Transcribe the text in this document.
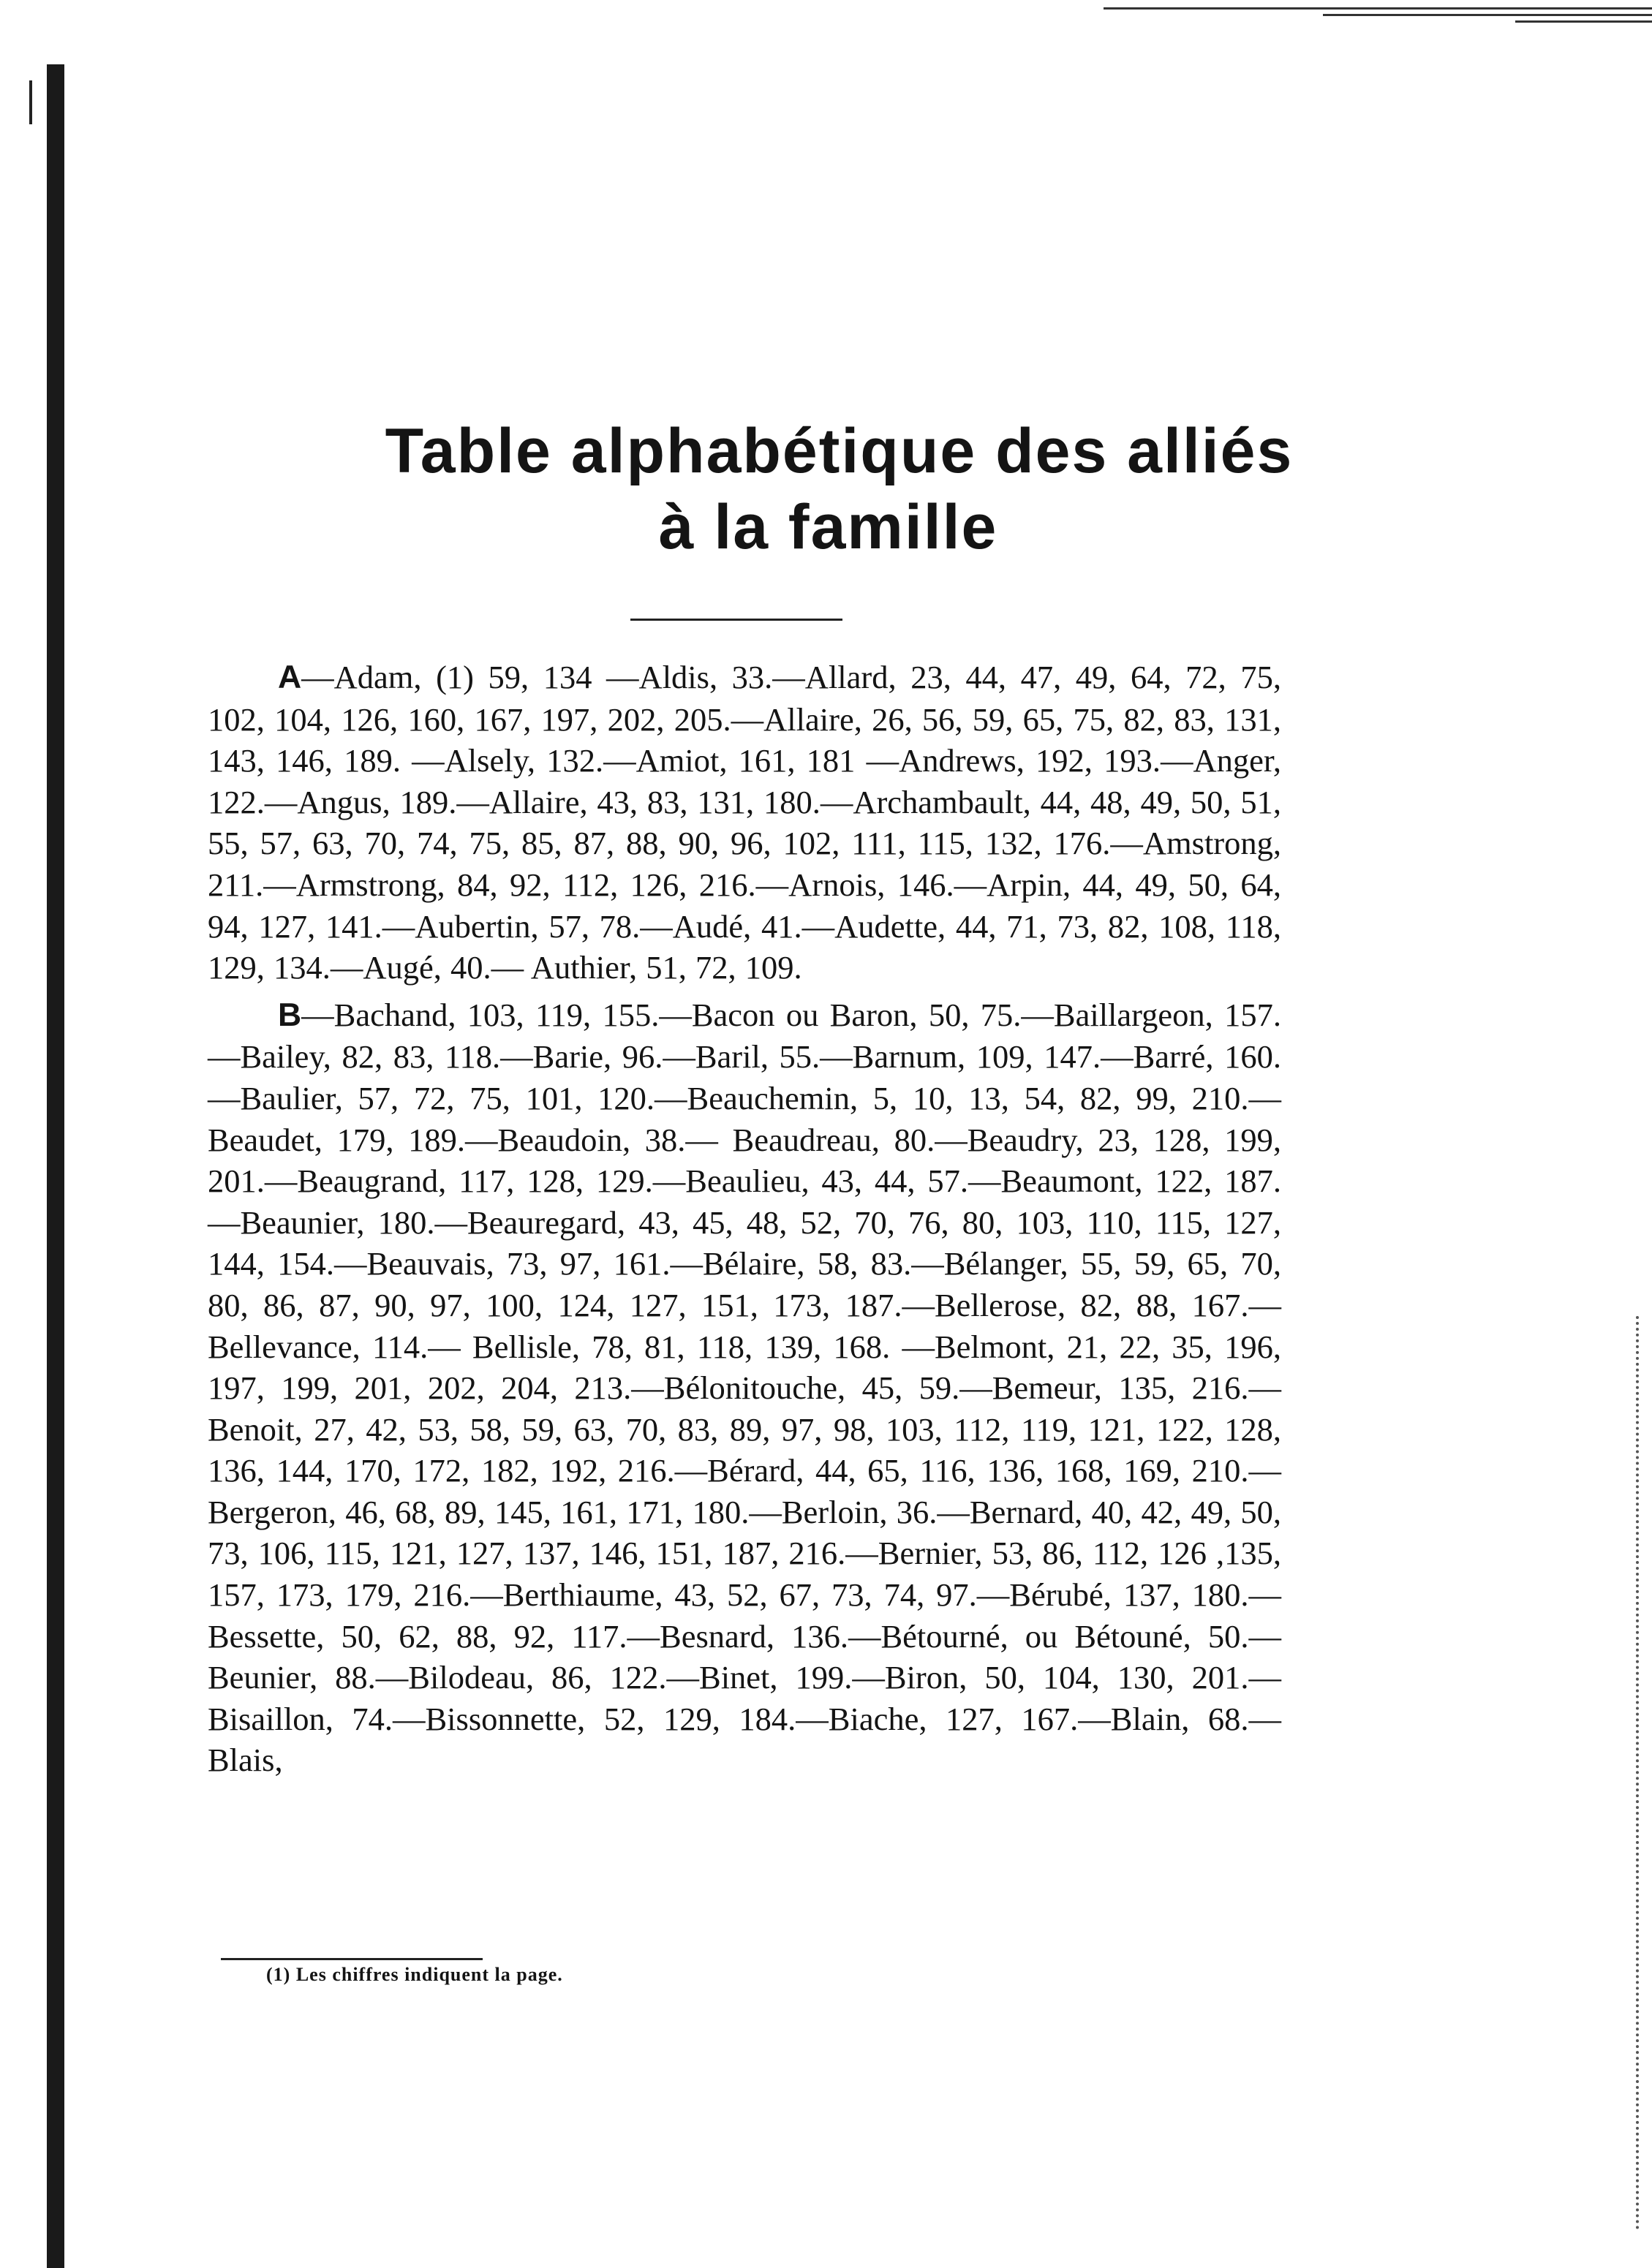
Table alphabétique des alliés
à la famille

A—Adam, (1) 59, 134 —Aldis, 33.—Allard, 23, 44, 47, 49, 64, 72, 75, 102, 104, 126, 160, 167, 197, 202, 205.—Allaire, 26, 56, 59, 65, 75, 82, 83, 131, 143, 146, 189. —Alsely, 132.—Amiot, 161, 181 —Andrews, 192, 193.—Anger, 122.—Angus, 189.—Allaire, 43, 83, 131, 180.—Archambault, 44, 48, 49, 50, 51, 55, 57, 63, 70, 74, 75, 85, 87, 88, 90, 96, 102, 111, 115, 132, 176.—Amstrong, 211.—Armstrong, 84, 92, 112, 126, 216.—Arnois, 146.—Arpin, 44, 49, 50, 64, 94, 127, 141.—Aubertin, 57, 78.—Audé, 41.—Audette, 44, 71, 73, 82, 108, 118, 129, 134.—Augé, 40.— Authier, 51, 72, 109.

B—Bachand, 103, 119, 155.—Bacon ou Baron, 50, 75.—Baillargeon, 157.—Bailey, 82, 83, 118.—Barie, 96.—Baril, 55.—Barnum, 109, 147.—Barré, 160.—Baulier, 57, 72, 75, 101, 120.—Beauchemin, 5, 10, 13, 54, 82, 99, 210.—Beaudet, 179, 189.—Beaudoin, 38.— Beaudreau, 80.—Beaudry, 23, 128, 199, 201.—Beaugrand, 117, 128, 129.—Beaulieu, 43, 44, 57.—Beaumont, 122, 187.—Beaunier, 180.—Beauregard, 43, 45, 48, 52, 70, 76, 80, 103, 110, 115, 127, 144, 154.—Beauvais, 73, 97, 161.—Bélaire, 58, 83.—Bélanger, 55, 59, 65, 70, 80, 86, 87, 90, 97, 100, 124, 127, 151, 173, 187.—Bellerose, 82, 88, 167.—Bellevance, 114.— Bellisle, 78, 81, 118, 139, 168. —Belmont, 21, 22, 35, 196, 197, 199, 201, 202, 204, 213.—Bélonitouche, 45, 59.—Bemeur, 135, 216.—Benoit, 27, 42, 53, 58, 59, 63, 70, 83, 89, 97, 98, 103, 112, 119, 121, 122, 128, 136, 144, 170, 172, 182, 192, 216.—Bérard, 44, 65, 116, 136, 168, 169, 210.—Bergeron, 46, 68, 89, 145, 161, 171, 180.—Berloin, 36.—Bernard, 40, 42, 49, 50, 73, 106, 115, 121, 127, 137, 146, 151, 187, 216.—Bernier, 53, 86, 112, 126 ,135, 157, 173, 179, 216.—Berthiaume, 43, 52, 67, 73, 74, 97.—Bérubé, 137, 180.—Bessette, 50, 62, 88, 92, 117.—Besnard, 136.—Bétourné, ou Bétouné, 50.—Beunier, 88.—Bilodeau, 86, 122.—Binet, 199.—Biron, 50, 104, 130, 201.—Bisaillon, 74.—Bissonnette, 52, 129, 184.—Biache, 127, 167.—Blain, 68.—Blais,

(1) Les chiffres indiquent la page.
